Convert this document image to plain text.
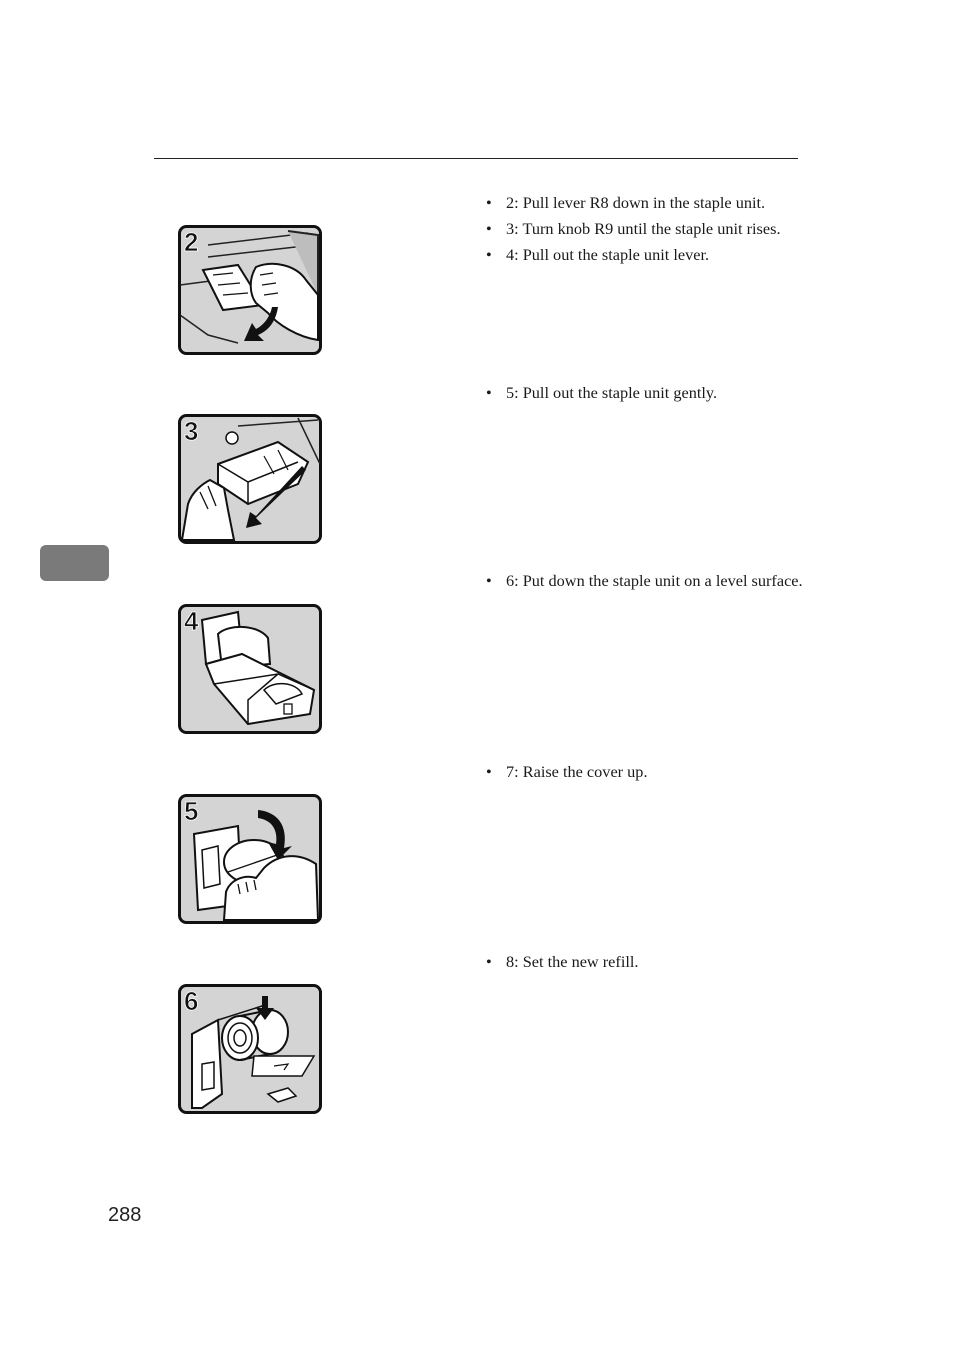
2
3
4
5
6
• 2: Pull lever R8 down in the staple unit.
• 3: Turn knob R9 until the staple unit rises.
• 4: Pull out the staple unit lever.
• 5: Pull out the staple unit gently.
• 6: Put down the staple unit on a level surface.
• 7: Raise the cover up.
• 8: Set the new refill.
288
